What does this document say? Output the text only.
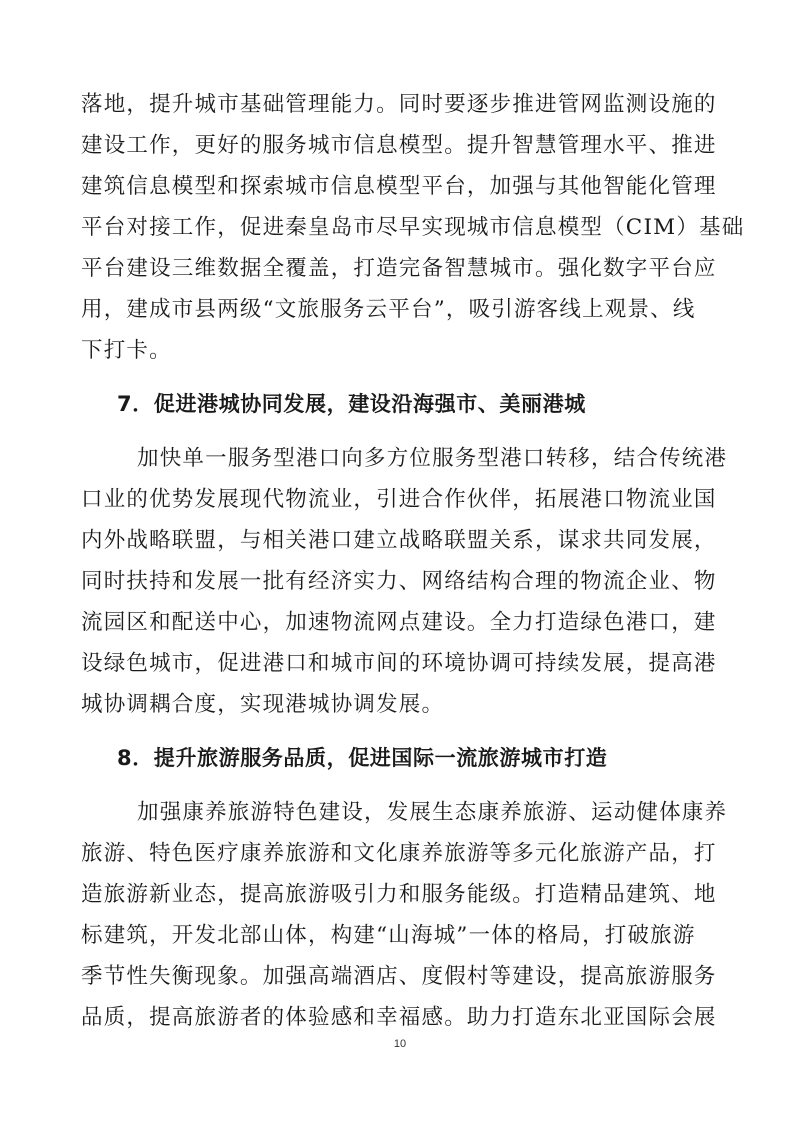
落地，提升城市基础管理能力。同时要逐步推进管网监测设施的
建设工作，更好的服务城市信息模型。提升智慧管理水平、推进
建筑信息模型和探索城市信息模型平台，加强与其他智能化管理
平台对接工作，促进秦皇岛市尽早实现城市信息模型（CIM）基础
平台建设三维数据全覆盖，打造完备智慧城市。强化数字平台应
用，建成市县两级“文旅服务云平台”，吸引游客线上观景、线
下打卡。
7．促进港城协同发展，建设沿海强市、美丽港城
加快单一服务型港口向多方位服务型港口转移，结合传统港
口业的优势发展现代物流业，引进合作伙伴，拓展港口物流业国
内外战略联盟，与相关港口建立战略联盟关系，谋求共同发展，
同时扶持和发展一批有经济实力、网络结构合理的物流企业、物
流园区和配送中心，加速物流网点建设。全力打造绿色港口，建
设绿色城市，促进港口和城市间的环境协调可持续发展，提高港
城协调耦合度，实现港城协调发展。
8．提升旅游服务品质，促进国际一流旅游城市打造
加强康养旅游特色建设，发展生态康养旅游、运动健体康养
旅游、特色医疗康养旅游和文化康养旅游等多元化旅游产品，打
造旅游新业态，提高旅游吸引力和服务能级。打造精品建筑、地
标建筑，开发北部山体，构建“山海城”一体的格局，打破旅游
季节性失衡现象。加强高端酒店、度假村等建设，提高旅游服务
品质，提高旅游者的体验感和幸福感。助力打造东北亚国际会展
10
